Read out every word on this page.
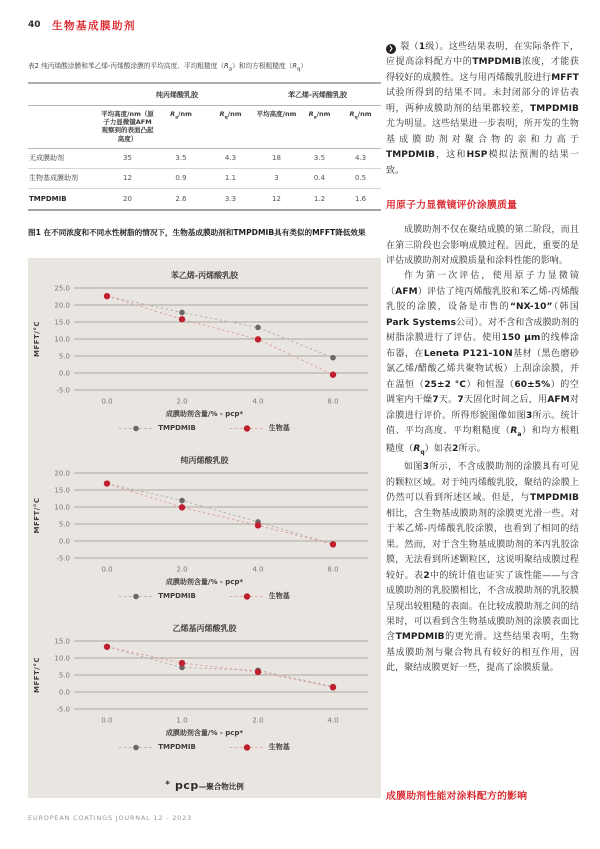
40 生物基成膜助剂
表2 纯丙烯酸涂膜和苯乙烯-丙烯酸涂膜的平均高度、平均粗糙度$(R_a)$和均方根粗糙度$(R_q)$
	纯丙烯酸乳胶			苯乙烯-丙烯酸乳胶		
	平均高度/nm（原子力显微镜AFM观察到的表面凸起高度）	$R_a/nm$	$R_q/nm$	平均高度/nm	$R_a/nm$	$R_q/nm$
无成膜助剂	35	3.5	4.3	18	3.5	4.3
生物基成膜助剂	12	0.9	1.1	3	0.4	0.5
TMPDMIB	20	2.6	3.3	12	1.2	1.6
图1 在不同浓度和不同水性树脂的情况下，生物基成膜助剂和TMPDMIB具有类似的MFFT降低效果
苯乙烯-丙烯酸乳胶
25.0
20.0
15.0
10.0
5.0
0.0
-5.0
MFFT/°C
0.0	2.0	4.0	8.0
成膜助剂含量/% - pcp*
TMPDMIB	生物基
纯丙烯酸乳胶
20.0
15.0
10.0
5.0
0.0
-5.0
MFFT/°C
0.0	2.0	4.0	8.0
成膜助剂含量/% - pcp*
TMPDMIB	生物基
乙烯基丙烯酸乳胶
15.0
10.0
5.0
0.0
-5.0
MFFT/°C
0.0	1.0	2.0	4.0
成膜助剂含量/% - pcp*
TMPDMIB	生物基
* pcp—聚合物比例

❯ 裂（1级）。这些结果表明，在实际条件下，应提高涂料配方中的TMPDMIB浓度，才能获得较好的成膜性。这与用丙烯酸乳胶进行MFFT试验所得到的结果不同。未封闭部分的评估表明，两种成膜助剂的结果都较差，TMPDMIB尤为明显。这些结果进一步表明，所开发的生物基成膜助剂对聚合物的亲和力高于TMPDMIB，这和HSP模拟法预测的结果一致。

用原子力显微镜评价涂膜质量

成膜助剂不仅在聚结成膜的第二阶段，而且在第三阶段也会影响成膜过程。因此，重要的是评估成膜助剂对成膜质量和涂料性能的影响。

作为第一次评估，使用原子力显微镜（AFM）评估了纯丙烯酸乳胶和苯乙烯-丙烯酸乳胶的涂膜，设备是市售的“NX-10”（韩国Park Systems公司）。对不含和含成膜助剂的树脂涂膜进行了评估。使用150 μm的线棒涂布器，在Leneta P121-10N基材（黑色磨砂氯乙烯/醋酸乙烯共聚物试板）上刮涂涂膜，并在温恒（25±2 °C）和恒湿（60±5%）的空调室内干燥7天。7天固化时间之后，用AFM对涂膜进行评价。所得形貌图像如图3所示。统计值、平均高度、平均粗糙度$(R_a)$和均方根粗糙度$(R_q)$如表2所示。

如图3所示，不含成膜助剂的涂膜具有可见的颗粒区域。对于纯丙烯酸乳胶，聚结的涂膜上仍然可以看到所述区域。但是，与TMPDMIB相比，含生物基成膜助剂的涂膜更光滑一些。对于苯乙烯-丙烯酸乳胶涂膜，也看到了相同的结果。然而，对于含生物基成膜助剂的苯丙乳胶涂膜，无法看到所述颗粒区，这说明聚结成膜过程较好。表2中的统计值也证实了该性能——与含成膜助剂的乳胶膜相比，不含成膜助剂的乳胶膜呈现出较粗糙的表面。在比较成膜助剂之间的结果时，可以看到含生物基成膜助剂的涂膜表面比含TMPDMIB的更光滑。这些结果表明，生物基成膜助剂与聚合物具有较好的相互作用，因此，聚结成膜更好一些，提高了涂膜质量。

成膜助剂性能对涂料配方的影响
EUROPEAN COATINGS JOURNAL 12 - 2023
